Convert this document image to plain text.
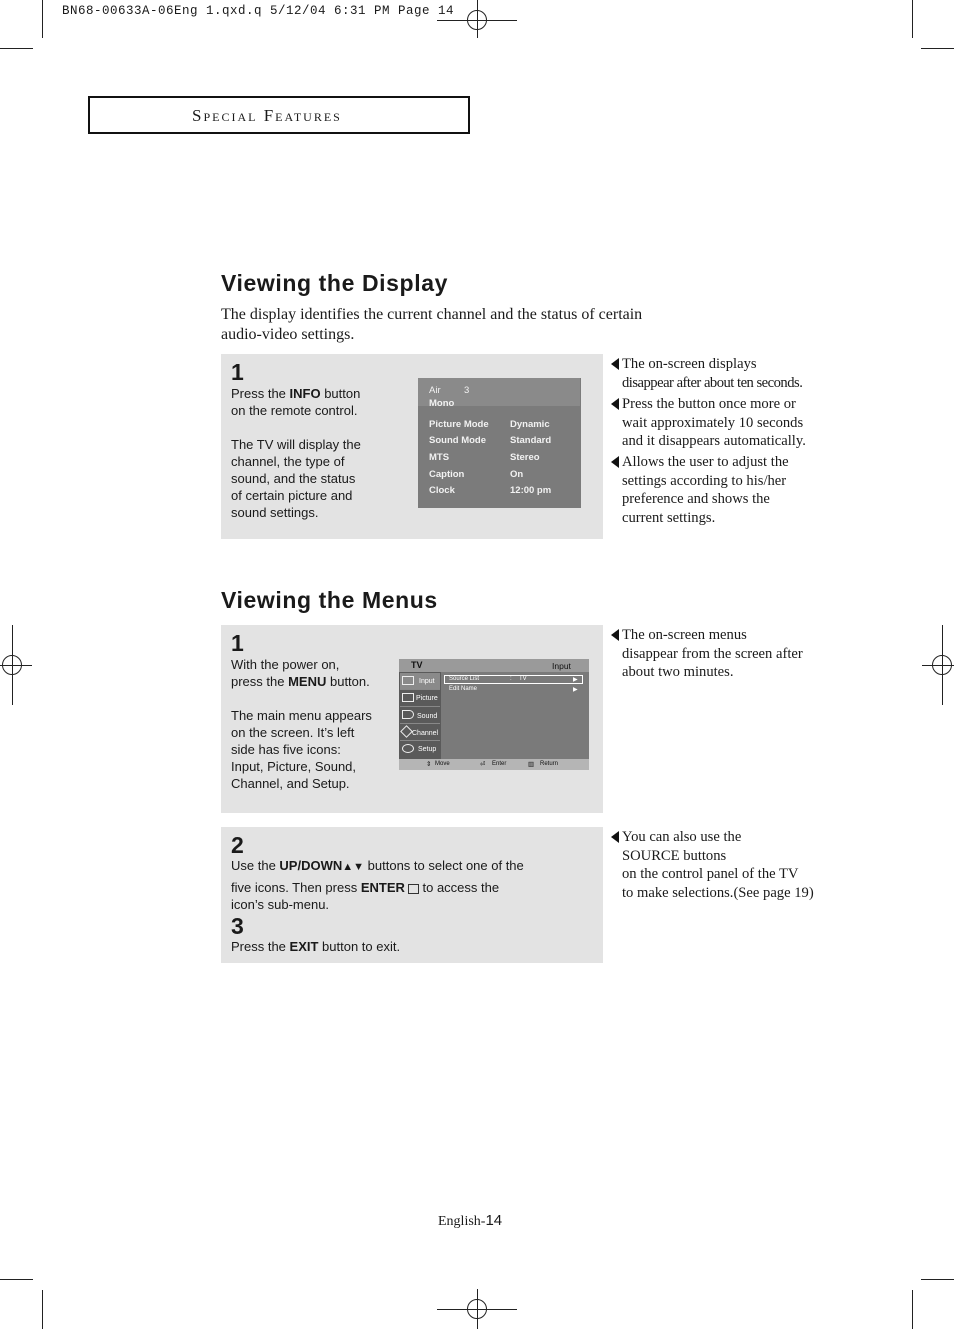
BN68-00633A-06Eng 1.qxd.q 5/12/04 6:31 PM Page 14
Special Features
Viewing the Display
The display identifies the current channel and the status of certain
audio-video settings.
1
Press the INFO button
on the remote control.
The TV will display the
channel, the type of
sound, and the status
of certain picture and
sound settings.
Air 3
Mono
Picture Mode Dynamic
Sound Mode	Standard
MTS	Stereo
Caption	On
Clock	12:00 pm
The on-screen displays
disappear after about ten seconds.
Press the button once more or
wait approximately 10 seconds
and it disappears automatically.
Allows the user to adjust the
settings according to his/her
preference and shows the
current settings.
Viewing the Menus
1
With the power on,
press the MENU button.
The main menu appears
on the screen. It’s left
side has five icons:
Input, Picture, Sound,
Channel, and Setup.
TV	Input
Input
Picture
Sound
Channel
Setup
Source List	: TV	▶
Edit Name	▶
⇕ Move	⏎ Enter	▥ Return
The on-screen menus
disappear from the screen after
about two minutes.
2
Use the UP/DOWN▲▼ buttons to select one of the
five icons. Then press ENTER to access the
icon’s sub-menu.
3
Press the EXIT button to exit.
You can also use the
SOURCE buttons
on the control panel of the TV
to make selections.(See page 19)
English-14
